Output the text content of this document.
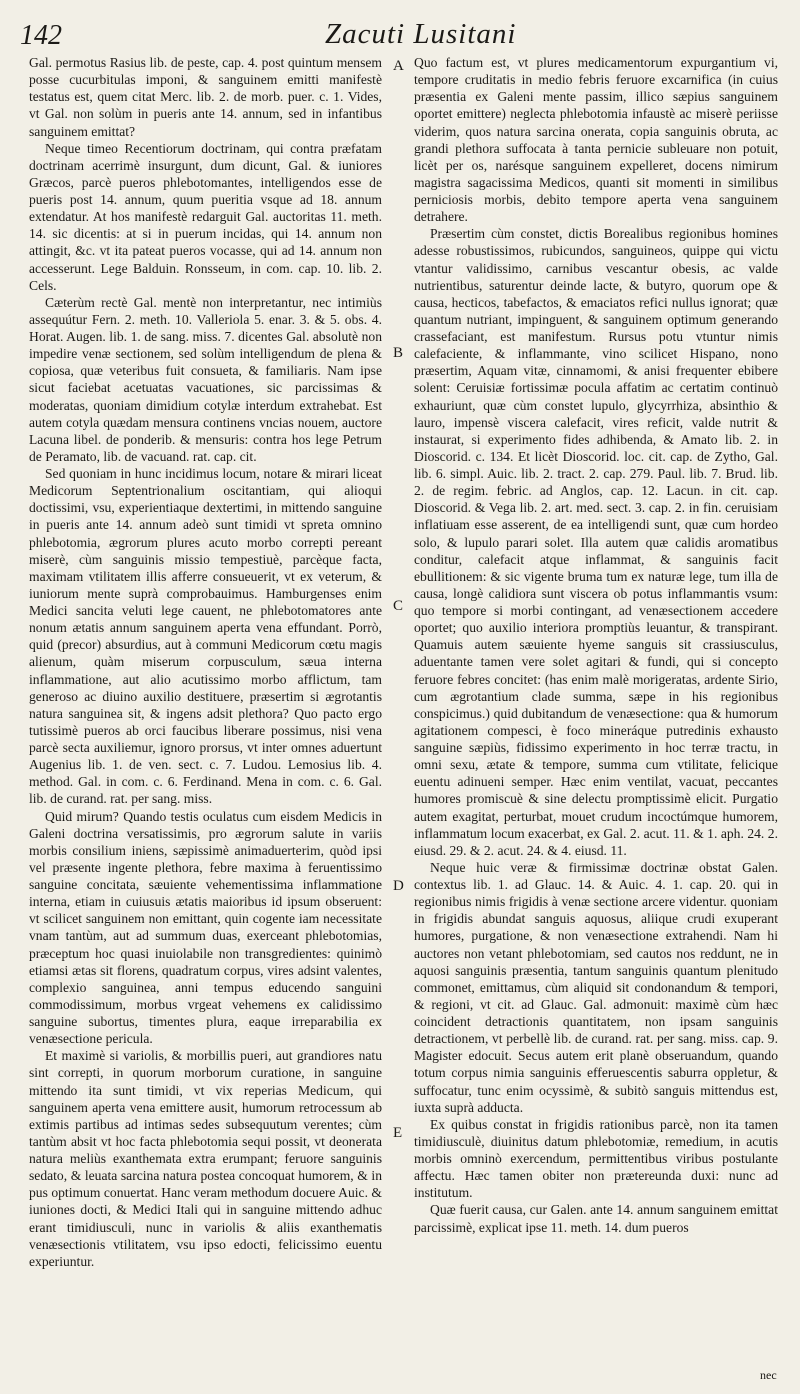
142	Zacuti Lusitani

Gal. permotus Rasius lib. de peste, cap. 4. post quintum mensem posse cucurbitulas imponi, & sanguinem emitti manifestè testatus est, quem citat Merc. lib. 2. de morb. puer. c. 1. Vides, vt Gal. non solùm in pueris ante 14. annum, sed in infantibus sanguinem emittat?

Neque timeo Recentiorum doctrinam, qui contra præfatam doctrinam acerrimè insurgunt, dum dicunt, Gal. & iuniores Græcos, parcè pueros phlebotomantes, intelligendos esse de pueris post 14. annum, quum pueritia vsque ad 18. annum extendatur. At hos manifestè redarguit Gal. auctoritas 11. meth. 14. sic dicentis: at si in puerum incidas, qui 14. annum non attingit, &c. vt ita pateat pueros vocasse, qui ad 14. annum non accesserunt. Lege Balduin. Ronsseum, in com. cap. 10. lib. 2. Cels.

Cæterùm rectè Gal. mentè non interpretantur, nec intimiùs assequútur Fern. 2. meth. 10. Valleriola 5. enar. 3. & 5. obs. 4. Horat. Augen. lib. 1. de sang. miss. 7. dicentes Gal. absolutè non impedire venæ sectionem, sed solùm intelligendum de plena & copiosa, quæ veteribus fuit consueta, & familiaris. Nam ipse sicut faciebat acetuatas vacuationes, sic parcissimas & moderatas, quoniam dimidium cotylæ interdum extrahebat. Est autem cotyla quædam mensura continens vncias nouem, auctore Lacuna libel. de ponderib. & mensuris: contra hos lege Petrum de Peramato, lib. de vacuand. rat. cap. cit.

Sed quoniam in hunc incidimus locum, notare & mirari liceat Medicorum Septentrionalium oscitantiam, qui alioqui doctissimi, vsu, experientiaque dextertimi, in mittendo sanguine in pueris ante 14. annum adeò sunt timidi vt spreta omnino phlebotomia, ægrorum plures acuto morbo correpti pereant miserè, cùm sanguinis missio tempestiuè, parcèque facta, maximam vtilitatem illis afferre consueuerit, vt ex veterum, & iuniorum mente suprà comprobauimus. Hamburgenses enim Medici sancita veluti lege cauent, ne phlebotomatores ante nonum ætatis annum sanguinem aperta vena effundant. Porrò, quid (precor) absurdius, aut à communi Medicorum cœtu magis alienum, quàm miserum corpusculum, sæua interna inflammatione, aut alio acutissimo morbo afflictum, tam generoso ac diuino auxilio destituere, præsertim si ægrotantis natura sanguinea sit, & ingens adsit plethora? Quo pacto ergo tutissimè pueros ab orci faucibus liberare possimus, nisi vena parcè secta auxiliemur, ignoro prorsus, vt inter omnes aduertunt Augenius lib. 1. de ven. sect. c. 7. Ludou. Lemosius lib. 4. method. Gal. in com. c. 6. Ferdinand. Mena in com. c. 6. Gal. lib. de curand. rat. per sang. miss.

Quid mirum? Quando testis oculatus cum eisdem Medicis in Galeni doctrina versatissimis, pro ægrorum salute in variis morbis consilium iniens, sæpissimè animaduerterim, quòd ipsi vel præsente ingente plethora, febre maxima à feruentissimo sanguine concitata, sæuiente vehementissima inflammatione interna, etiam in cuiusuis ætatis maioribus id ipsum obseruent: vt scilicet sanguinem non emittant, quin cogente iam necessitate vnam tantùm, aut ad summum duas, exerceant phlebotomias, præceptum hoc quasi inuiolabile non transgredientes: quinimò etiamsi ætas sit florens, quadratum corpus, vires adsint valentes, complexio sanguinea, anni tempus educendo sanguini commodissimum, morbus vrgeat vehemens ex calidissimo sanguine subortus, timentes plura, eaque irreparabilia ex venæsectione pericula.

Et maximè si variolis, & morbillis pueri, aut grandiores natu sint correpti, in quorum morborum curatione, in sanguine mittendo ita sunt timidi, vt vix reperias Medicum, qui sanguinem aperta vena emittere ausit, humorum retrocessum ab extimis partibus ad intimas sedes subsequutum verentes; cùm tantùm absit vt hoc facta phlebotomia sequi possit, vt deonerata natura meliùs exanthemata extra erumpant; feruore sanguinis sedato, & leuata sarcina natura postea concoquat humorem, & in pus optimum conuertat. Hanc veram methodum docuere Auic. & iuniones docti, & Medici Itali qui in sanguine mittendo adhuc erant timidiusculi, nunc in variolis & aliis exanthematis venæsectionis vtilitatem, vsu ipso edocti, felicissimo euentu experiuntur.

A
B
C
D
E

Quo factum est, vt plures medicamentorum expurgantium vi, tempore cruditatis in medio febris feruore excarnifica (in cuius præsentia ex Galeni mente passim, illico sæpius sanguinem oportet emittere) neglecta phlebotomia infaustè ac miserè periisse viderim, quos natura sarcina onerata, copia sanguinis obruta, ac grandi plethora suffocata à tanta pernicie subleuare non potuit, licèt per os, narésque sanguinem expelleret, docens nimirum magistra sagacissima Medicos, quanti sit momenti in similibus perniciosis morbis, debito tempore aperta vena sanguinem detrahere.

Præsertim cùm constet, dictis Borealibus regionibus homines adesse robustissimos, rubicundos, sanguineos, quippe qui victu vtantur validissimo, carnibus vescantur obesis, ac valde nutrientibus, saturentur deinde lacte, & butyro, quorum ope & causa, hecticos, tabefactos, & emaciatos refici nullus ignorat; quæ quantum nutriant, impinguent, & sanguinem optimum generando crassefaciant, est manifestum. Rursus potu vtuntur nimis calefaciente, & inflammante, vino scilicet Hispano, nono præsertim, Aquam vitæ, cinnamomi, & anisi frequenter ebibere solent: Ceruisiæ fortissimæ pocula affatim ac certatim continuò exhauriunt, quæ cùm constet lupulo, glycyrrhiza, absinthio & lauro, impensè viscera calefacit, vires reficit, valde nutrit & instaurat, si experimento fides adhibenda, & Amato lib. 2. in Dioscorid. c. 134. Et licèt Dioscorid. loc. cit. cap. de Zytho, Gal. lib. 6. simpl. Auic. lib. 2. tract. 2. cap. 279. Paul. lib. 7. Brud. lib. 2. de regim. febric. ad Anglos, cap. 12. Lacun. in cit. cap. Dioscorid. & Vega lib. 2. art. med. sect. 3. cap. 2. in fin. ceruisiam inflatiuam esse asserent, de ea intelligendi sunt, quæ cum hordeo solo, & lupulo parari solet. Illa autem quæ calidis aromatibus conditur, calefacit atque inflammat, & sanguinis facit ebullitionem: & sic vigente bruma tum ex naturæ lege, tum illa de causa, longè calidiora sunt viscera ob potus inflammantis vsum: quo tempore si morbi contingant, ad venæsectionem accedere oportet; quo auxilio interiora promptiùs leuantur, & transpirant. Quamuis autem sæuiente hyeme sanguis sit crassiusculus, aduentante tamen vere solet agitari & fundi, qui si concepto feruore febres concitet: (has enim malè morigeratas, ardente Sirio, cum ægrotantium clade summa, sæpe in his regionibus conspicimus.) quid dubitandum de venæsectione: qua & humorum agitationem compesci, è foco mineráque putredinis exhausto sanguine sæpiùs, fidissimo experimento in hoc terræ tractu, in omni sexu, ætate & tempore, summa cum vtilitate, felicique euentu adinueni semper. Hæc enim ventilat, vacuat, peccantes humores promiscuè & sine delectu promptissimè elicit. Purgatio autem exagitat, perturbat, mouet crudum incoctúmque humorem, inflammatum locum exacerbat, ex Gal. 2. acut. 11. & 1. aph. 24. 2. eiusd. 29. & 2. acut. 24. & 4. eiusd. 11.

Neque huic veræ & firmissimæ doctrinæ obstat Galen. contextus lib. 1. ad Glauc. 14. & Auic. 4. 1. cap. 20. qui in regionibus nimis frigidis à venæ sectione arcere videntur. quoniam in frigidis abundat sanguis aquosus, aliique crudi exuperant humores, purgatione, & non venæsectione extrahendi. Nam hi auctores non vetant phlebotomiam, sed cautos nos reddunt, ne in aquosi sanguinis præsentia, tantum sanguinis quantum plenitudo commonet, emittamus, cùm aliquid sit condonandum & tempori, & regioni, vt cit. ad Glauc. Gal. admonuit: maximè cùm hæc coincident detractionis quantitatem, non ipsam sanguinis detractionem, vt perbellè lib. de curand. rat. per sang. miss. cap. 9. Magister edocuit. Secus autem erit planè obseruandum, quando totum corpus nimia sanguinis efferuescentis saburra oppletur, & suffocatur, tunc enim ocyssimè, & subitò sanguis mittendus est, iuxta suprà adducta.

Ex quibus constat in frigidis rationibus parcè, non ita tamen timidiusculè, diuinitus datum phlebotomiæ, remedium, in acutis morbis omninò exercendum, permittentibus viribus postulante affectu. Hæc tamen obiter non prætereunda duxi: nunc ad institutum.

Quæ fuerit causa, cur Galen. ante 14. annum sanguinem emittat parcissimè, explicat ipse 11. meth. 14. dum pueros

nec
